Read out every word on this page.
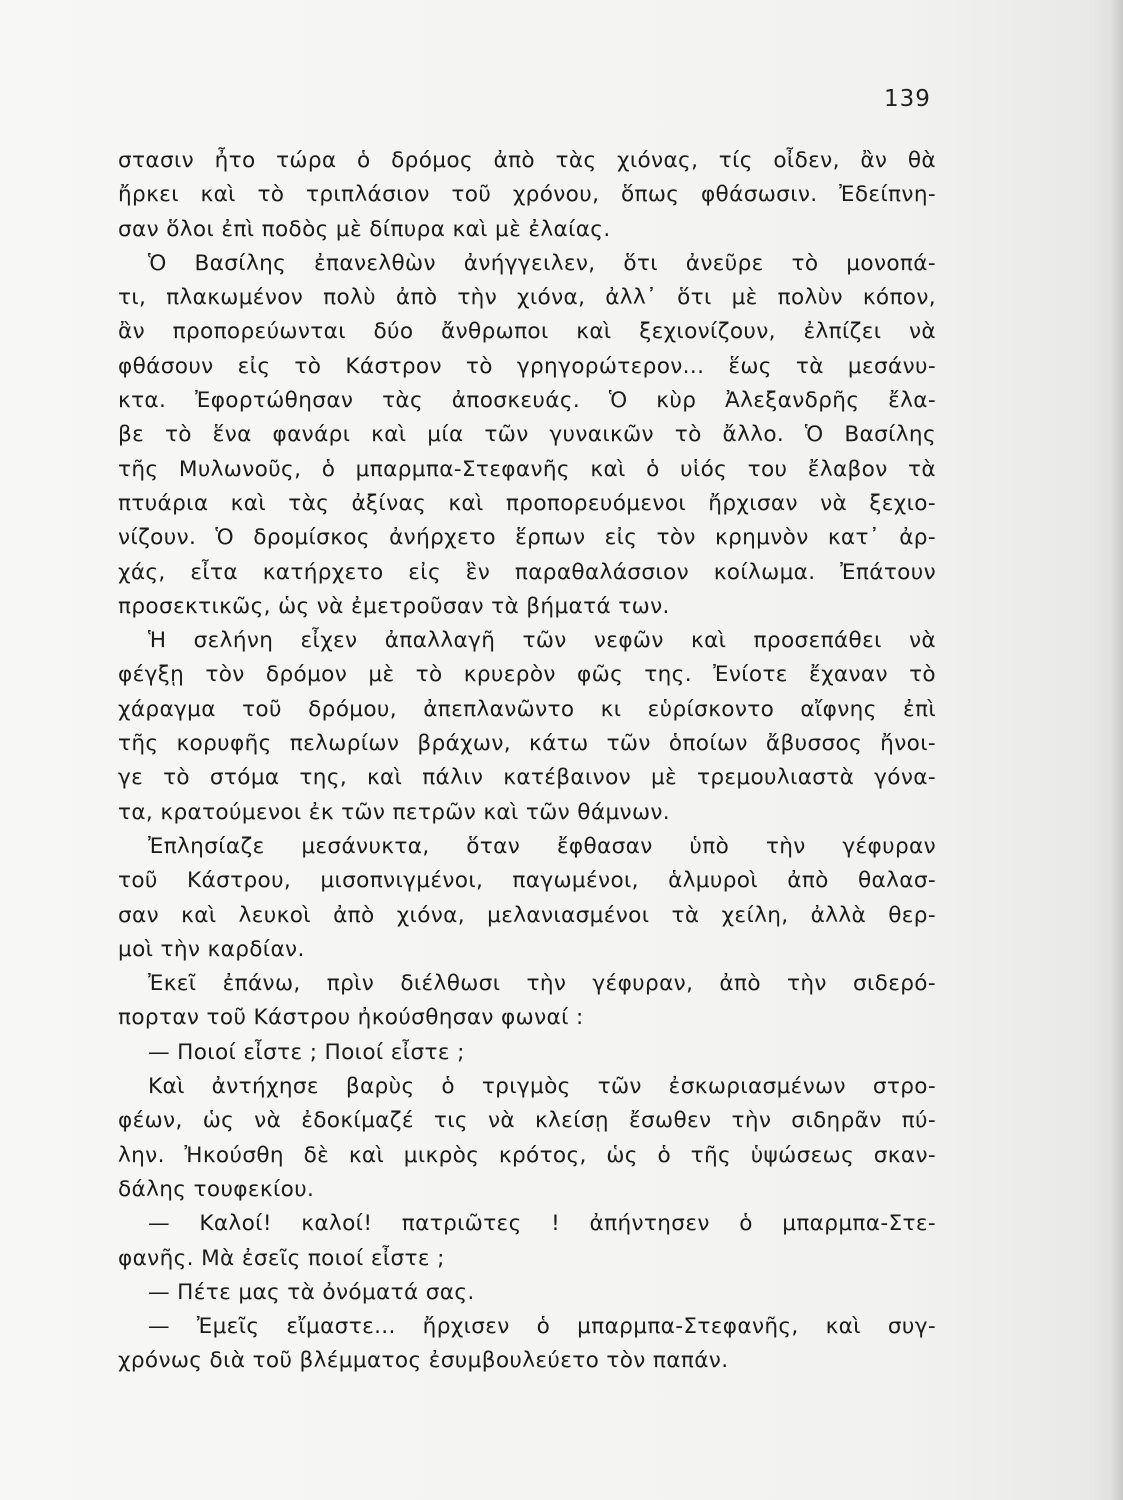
139
στασιν ἦτο τώρα ὁ δρόμος ἀπὸ τὰς χιόνας, τίς οἶδεν, ἂν θὰ
ἤρκει καὶ τὸ τριπλάσιον τοῦ χρόνου, ὅπως φθάσωσιν. Ἐδείπνη-
σαν ὅλοι ἐπὶ ποδὸς μὲ δίπυρα καὶ μὲ ἐλαίας.
Ὁ Βασίλης ἐπανελθὼν ἀνήγγειλεν, ὅτι ἀνεῦρε τὸ μονοπά-
τι, πλακωμένον πολὺ ἀπὸ τὴν χιόνα, ἀλλ᾿ ὅτι μὲ πολὺν κόπον,
ἂν προπορεύωνται δύο ἄνθρωποι καὶ ξεχιονίζουν, ἐλπίζει νὰ
φθάσουν εἰς τὸ Κάστρον τὸ γρηγορώτερον... ἕως τὰ μεσάνυ-
κτα. Ἐφορτώθησαν τὰς ἀποσκευάς. Ὁ κὺρ Ἀλεξανδρῆς ἔλα-
βε τὸ ἕνα φανάρι καὶ μία τῶν γυναικῶν τὸ ἄλλο. Ὁ Βασίλης
τῆς Μυλωνοῦς, ὁ μπαρμπα-Στεφανῆς καὶ ὁ υἱός του ἔλαβον τὰ
πτυάρια καὶ τὰς ἀξίνας καὶ προπορευόμενοι ἤρχισαν νὰ ξεχιο-
νίζουν. Ὁ δρομίσκος ἀνήρχετο ἕρπων εἰς τὸν κρημνὸν κατ᾿ ἀρ-
χάς, εἶτα κατήρχετο εἰς ἓν παραθαλάσσιον κοίλωμα. Ἐπάτουν
προσεκτικῶς, ὡς νὰ ἐμετροῦσαν τὰ βήματά των.
Ἡ σελήνη εἶχεν ἀπαλλαγῆ τῶν νεφῶν καὶ προσεπάθει νὰ
φέγξῃ τὸν δρόμον μὲ τὸ κρυερὸν φῶς της. Ἐνίοτε ἔχαναν τὸ
χάραγμα τοῦ δρόμου, ἀπεπλανῶντο κι εὑρίσκοντο αἴφνης ἐπὶ
τῆς κορυφῆς πελωρίων βράχων, κάτω τῶν ὁποίων ἄβυσσος ἤνοι-
γε τὸ στόμα της, καὶ πάλιν κατέβαινον μὲ τρεμουλιαστὰ γόνα-
τα, κρατούμενοι ἐκ τῶν πετρῶν καὶ τῶν θάμνων.
Ἐπλησίαζε μεσάνυκτα, ὅταν ἔφθασαν ὑπὸ τὴν γέφυραν
τοῦ Κάστρου, μισοπνιγμένοι, παγωμένοι, ἁλμυροὶ ἀπὸ θαλασ-
σαν καὶ λευκοὶ ἀπὸ χιόνα, μελανιασμένοι τὰ χείλη, ἀλλὰ θερ-
μοὶ τὴν καρδίαν.
Ἐκεῖ ἐπάνω, πρὶν διέλθωσι τὴν γέφυραν, ἀπὸ τὴν σιδερό-
πορταν τοῦ Κάστρου ἠκούσθησαν φωναί :
— Ποιοί εἶστε ; Ποιοί εἶστε ;
Καὶ ἀντήχησε βαρὺς ὁ τριγμὸς τῶν ἐσκωριασμένων στρο-
φέων, ὡς νὰ ἐδοκίμαζέ τις νὰ κλείσῃ ἔσωθεν τὴν σιδηρᾶν πύ-
λην. Ἠκούσθη δὲ καὶ μικρὸς κρότος, ὡς ὁ τῆς ὑψώσεως σκαν-
δάλης τουφεκίου.
— Καλοί! καλοί! πατριῶτες ! ἀπήντησεν ὁ μπαρμπα-Στε-
φανῆς. Μὰ ἐσεῖς ποιοί εἶστε ;
— Πέτε μας τὰ ὀνόματά σας.
— Ἐμεῖς εἴμαστε... ἤρχισεν ὁ μπαρμπα-Στεφανῆς, καὶ συγ-
χρόνως διὰ τοῦ βλέμματος ἐσυμβουλεύετο τὸν παπάν.
